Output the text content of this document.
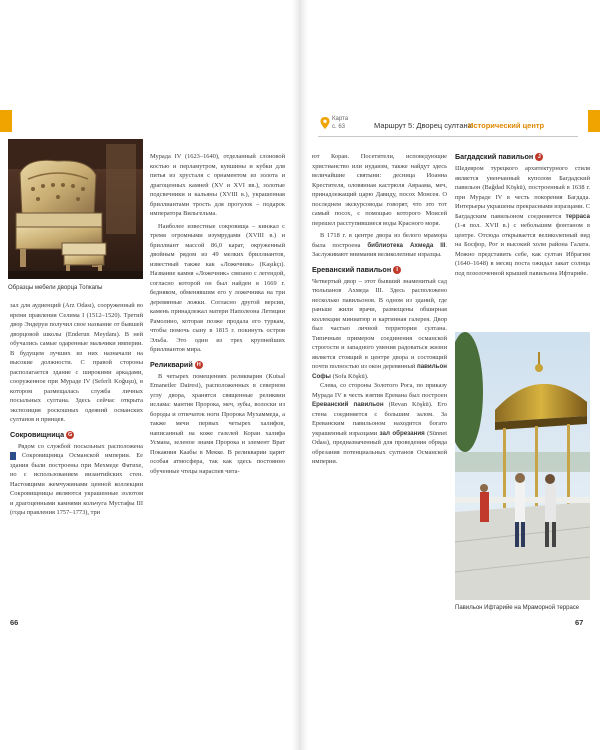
Образцы мебели дворца Топкапы

зал для аудиенций (Arz Odası), сооруженный во время правления Селима I (1512–1520). Третий двор Эндеруи получил свое название от бывшей дворцовой школы (Enderun Meydanı). В ней обучались самые одаренные мальчики империи. В будущем лучших из них назначали на высокие должности. С правой стороны располагается здание с широкими аркадами, сооруженное при Мураде IV (Seferli Koğuşu), в котором размещалась служба личных посыльных султана. Здесь сейчас открыта экспозиция роскошных одеяний османских султанов и принцев.

Сокровищница G

Рядом со службой посыльных расположена 1 Сокровищница Османской империи. Ее здания были построены при Мехмеде Фатихе, но с использованием византийских стен. Настоящими жемчужинами ценной коллекции Сокровищницы являются украшенные золотом и драгоценными камнями кольчуга Мустафы III (годы правления 1757–1773), три

Мурада IV (1623–1640), отделанный слоновой костью и перламутром, кувшины и кубки для питья из хрусталя с орнаментом из золота и драгоценных камней (XV и XVI вв.), золотые подсвечники и кальяны (XVIII в.), украшенная бриллиантами трость для прогулок – подарок императора Вильгельма.

Наиболее известные сокровища – кинжал с тремя огромными изумрудами (XVIII в.) и бриллиант массой 86,0 карат, окруженный двойным рядом из 49 мелких бриллиантов, известный также как «Ложечник» (Kaşıkçı). Название камня «Ложечник» связано с легендой, согласно которой он был найден в 1669 г. бедняком, обменявшим его у ложечника на три деревянные ложки. Согласно другой версии, камень принадлежал матери Наполеона Летиции Рамолино, которая позже продала его туркам, чтобы помочь сыну в 1815 г. покинуть остров Эльба. Это один из трех крупнейших бриллиантов мира.

Реликварий H

В четырех помещениях реликвария (Kutsal Emanetler Dairesi), расположенных в северном углу двора, хранятся священные реликвии ислама: мантия Пророка, меч, зубы, волоски из бороды и отпечаток ноги Пророка Мухаммеда, а также мечи первых четырех халифов, написанный на коже газелей Коран халифа Усмана, зеленое знамя Пророка и элемент Врат Покаяния Каабы в Мекке. В реликварии царит особая атмосфера, так как здесь постоянно обученные чтецы нараспев чита-

66
Карта
с. 63	Маршрут 5: Дворец султана
Исторический центр

ют Коран. Посетители, исповедующие христианство или иудаизм, также найдут здесь величайшие святыни: десница Иоанна Крестителя, оловянная кастрюля Авраама, меч, принадлежащий царю Давиду, посох Моисея. О последнем экскурсоводы говорят, что это тот самый посох, с помощью которого Моисей перешел расступившиеся воды Красного моря.

В 1718 г. в центре двора из белого мрамора была построена библиотека Ахмеда III. Заслуживают внимания великолепные изразцы.

Ереванский павильон I

Четвертый двор – этот бывший знаменитый сад тюльпанов Ахмеда III. Здесь расположено несколько павильонов. В одном из зданий, где раньше жили врачи, размещены обширная коллекция миниатюр и картинная галерея. Двор был частью личной территории султана. Типичным примером соединения османской строгости и западного умения радоваться жизни является стоящий в центре двора и состоящий почти полностью из окон деревянный павильон Софы (Sofa Köşkü).

Слева, со стороны Золотого Рога, по приказу Мурада IV в честь взятия Еревана был построен Ереванский павильон (Revan Köşkü). Его стена соединяется с большим залом. За Ереванским павильоном находится богато украшенный изразцами зал обрезания (Sünnet Odası), предназначенный для проведения обряда обрезания потенциальных султанов Османской империи.

Багдадский павильон J

Шедевром турецкого архитектурного стиля является увенчанный куполом Багдадский павильон (Bağdad Köşkü), построенный в 1638 г. при Мураде IV в честь покорения Багдада. Интерьеры украшены прекрасными изразцами. С Багдадским павильоном соединяется терраса (1-я пол. XVII в.) с небольшим фонтаном в центре. Отсюда открывается великолепный вид на Босфор, Рог и высокий холм района Галата. Можно представить себе, как султан Ибрагим (1640–1648) в месяц поста ожидал закат солнца под позолоченной крышей павильона Ифтарийе.

Павильон Ифтарийе на Мраморной террасе
67
